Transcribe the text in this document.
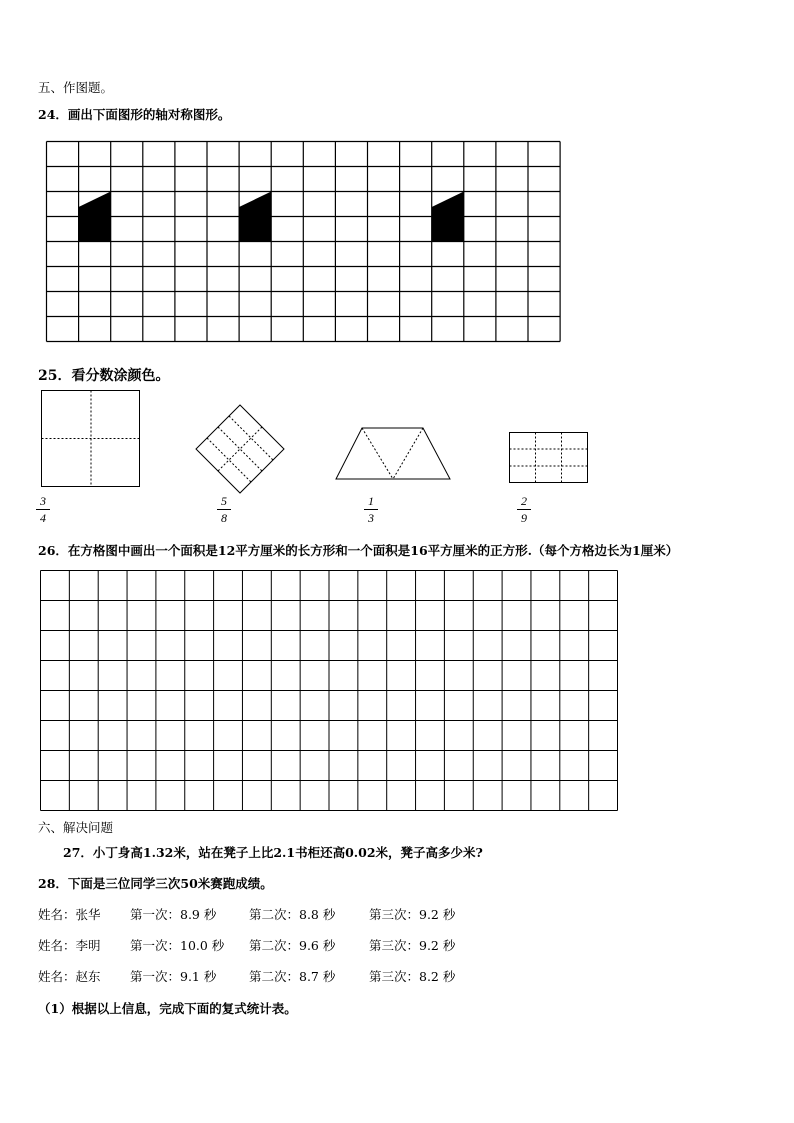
五、作图题。
24．画出下面图形的轴对称图形。
25．看分数涂颜色。
3
4
5
8
1
3
2
9
26．在方格图中画出一个面积是12平方厘米的长方形和一个面积是16平方厘米的正方形.（每个方格边长为1厘米）
六、解决问题
27．小丁身高1.32米，站在凳子上比2.1书柜还高0.02米，凳子高多少米?
28．下面是三位同学三次50米赛跑成绩。
姓名：张华 第一次：8.9 秒	第二次：8.8 秒	第三次：9.2 秒
姓名：李明 第一次：10.0 秒 第二次：9.6 秒	第三次：9.2 秒
姓名：赵东 第一次：9.1 秒	第二次：8.7 秒	第三次：8.2 秒
（1）根据以上信息，完成下面的复式统计表。
